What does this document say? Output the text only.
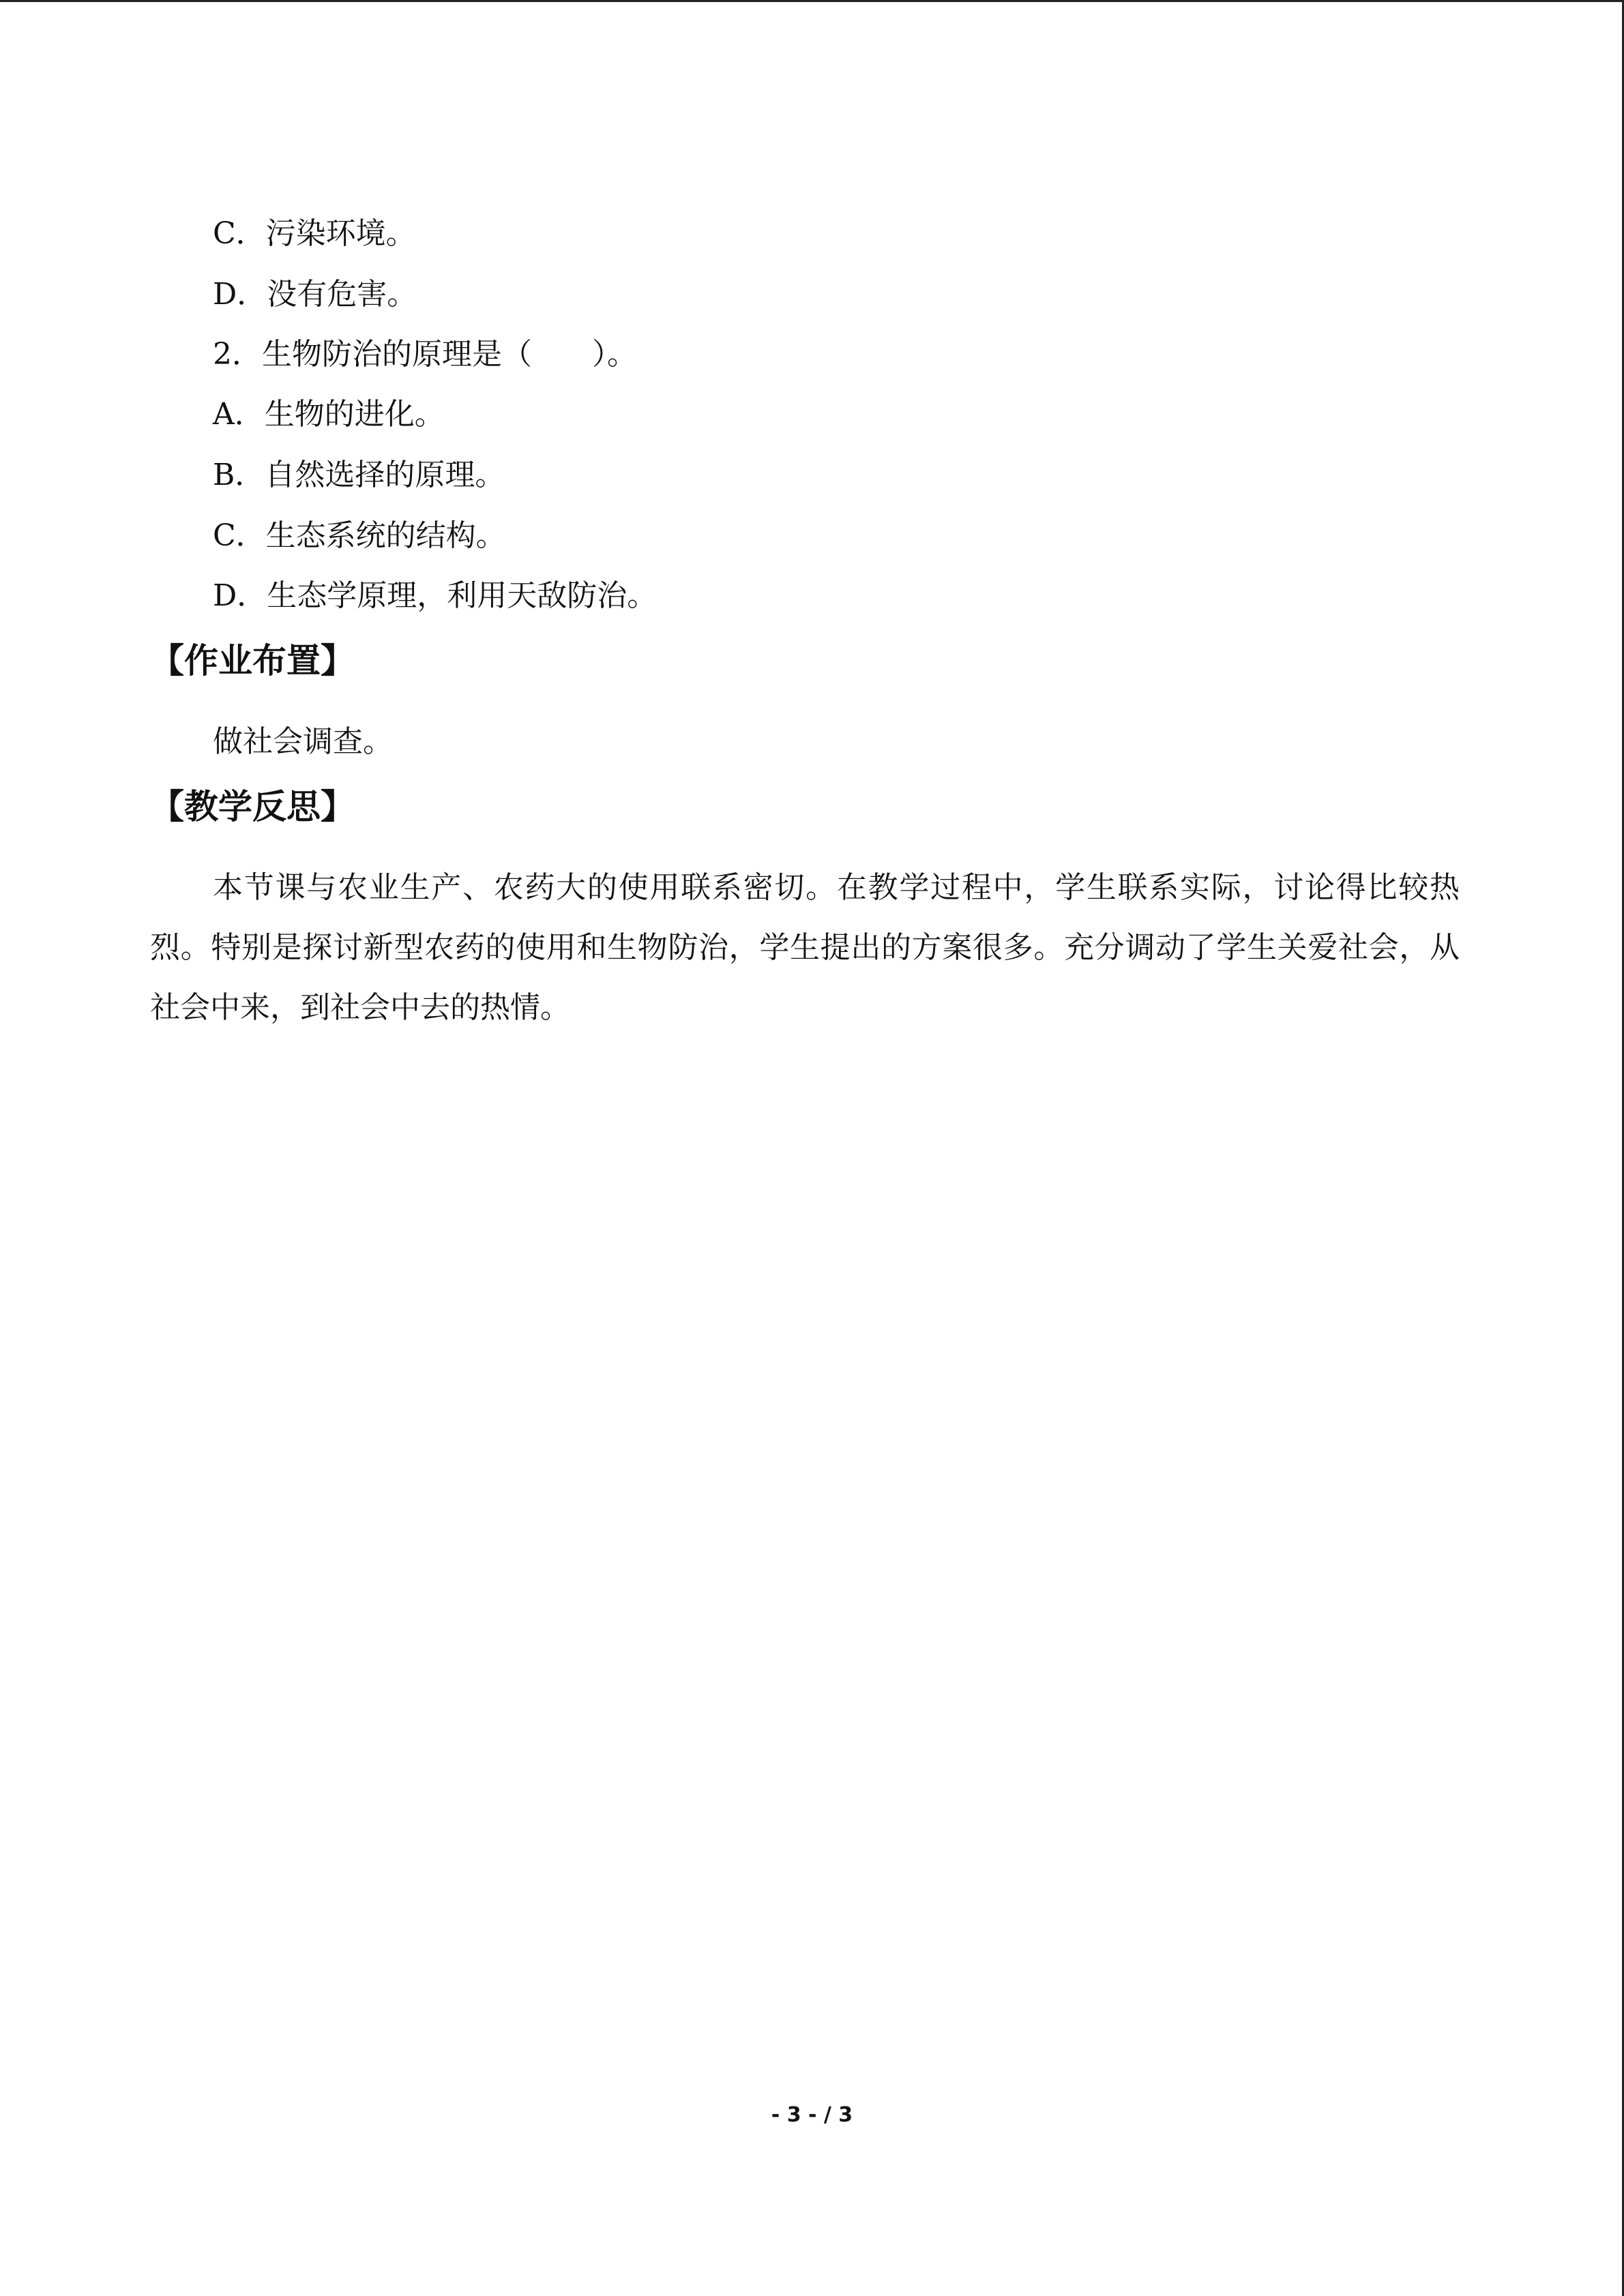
C．污染环境。

D．没有危害。

2．生物防治的原理是（　　）。

A．生物的进化。

B．自然选择的原理。

C．生态系统的结构。

D．生态学原理，利用天敌防治。

【作业布置】

做社会调查。

【教学反思】

本节课与农业生产、农药大的使用联系密切。在教学过程中，学生联系实际，讨论得比较热烈。特别是探讨新型农药的使用和生物防治，学生提出的方案很多。充分调动了学生关爱社会，从社会中来，到社会中去的热情。

- 3 - / 3
